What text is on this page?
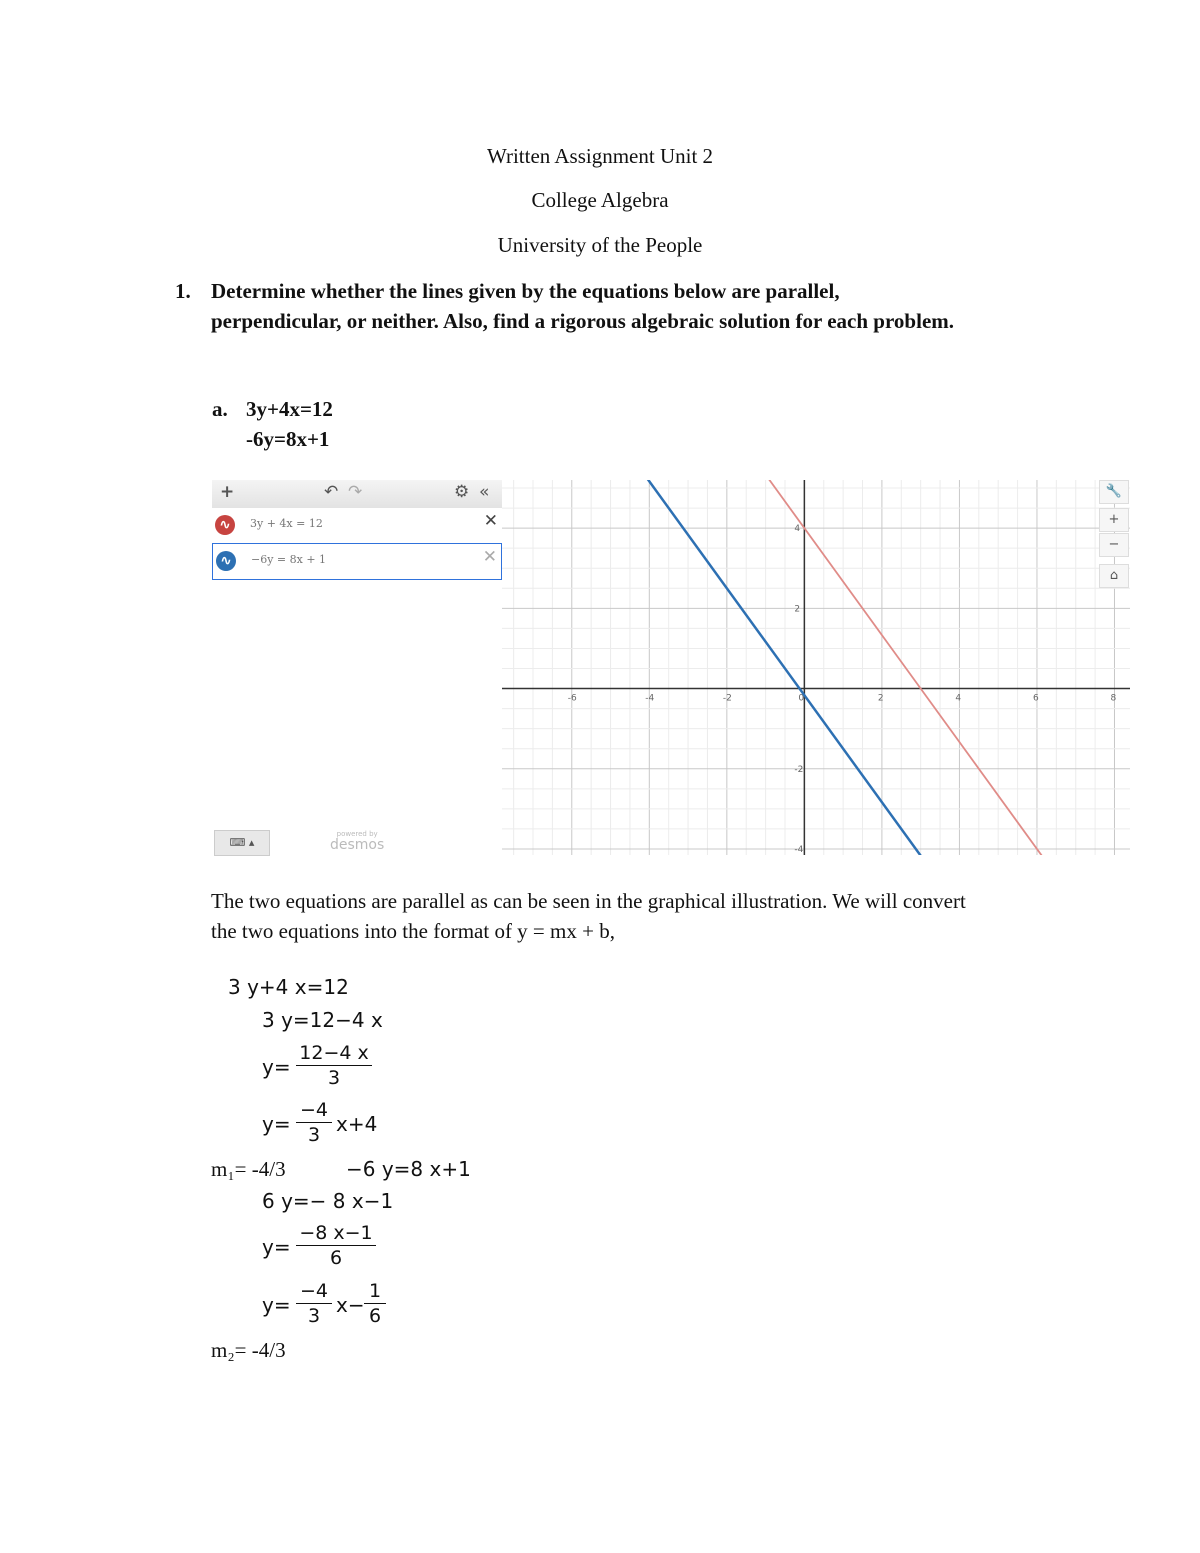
Written Assignment Unit 2
College Algebra
University of the People
1. Determine whether the lines given by the equations below are parallel,
perpendicular, or neither. Also, find a rigorous algebraic solution for each problem.
a. 3y+4x=12
-6y=8x+1
+	↶ ↷	⚙ «
∿	3y + 4x = 12	✕
∿	−6y = 8x + 1	✕
⌨ ▴
powered by
desmos
-6	-4	-2	0	2	4	6	8
4
2
-2
-4
🔧
+
−
⌂
The two equations are parallel as can be seen in the graphical illustration. We will convert
the two equations into the format of y = mx + b,
3 y+4 x=12
3 y=12−4 x
$y= \frac{12-4 x}{3}$
$y= \frac{-4}{3} x+4$
m₁= -4/3	−6 y=8 x+1
6 y=− 8 x−1
$y= \frac{-8 x-1}{6}$
$y= \frac{-4}{3} x- \frac{1}{6}$
m₂= -4/3
